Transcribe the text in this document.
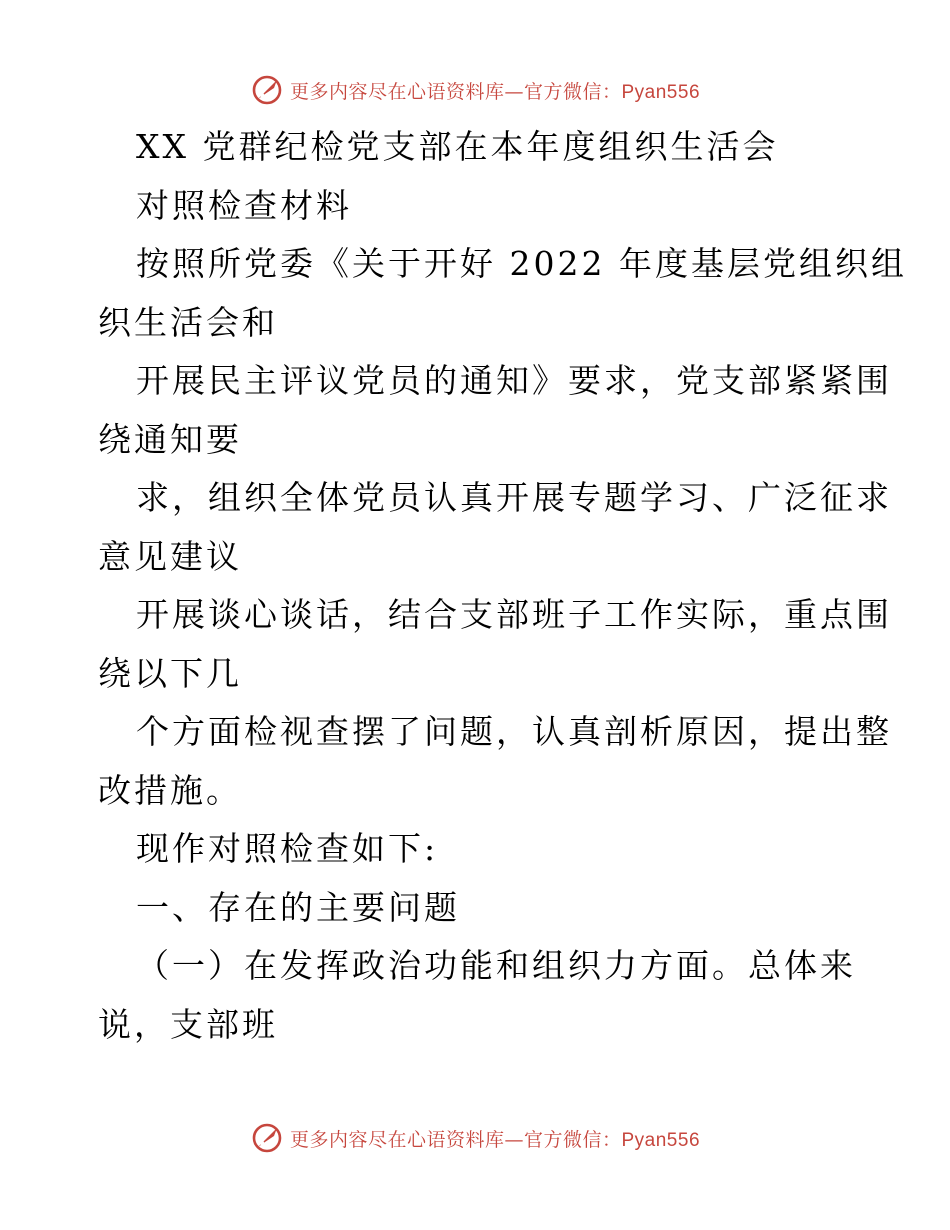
更多内容尽在心语资料库—官方微信：Pyan556
XX 党群纪检党支部在本年度组织生活会
对照检查材料
按照所党委《关于开好 2022 年度基层党组织组
织生活会和
开展民主评议党员的通知》要求，党支部紧紧围
绕通知要
求，组织全体党员认真开展专题学习、广泛征求
意见建议
开展谈心谈话，结合支部班子工作实际，重点围
绕以下几
个方面检视查摆了问题，认真剖析原因，提出整
改措施。
现作对照检查如下:
一、存在的主要问题
（一）在发挥政治功能和组织力方面。总体来
说，支部班
更多内容尽在心语资料库—官方微信：Pyan556
